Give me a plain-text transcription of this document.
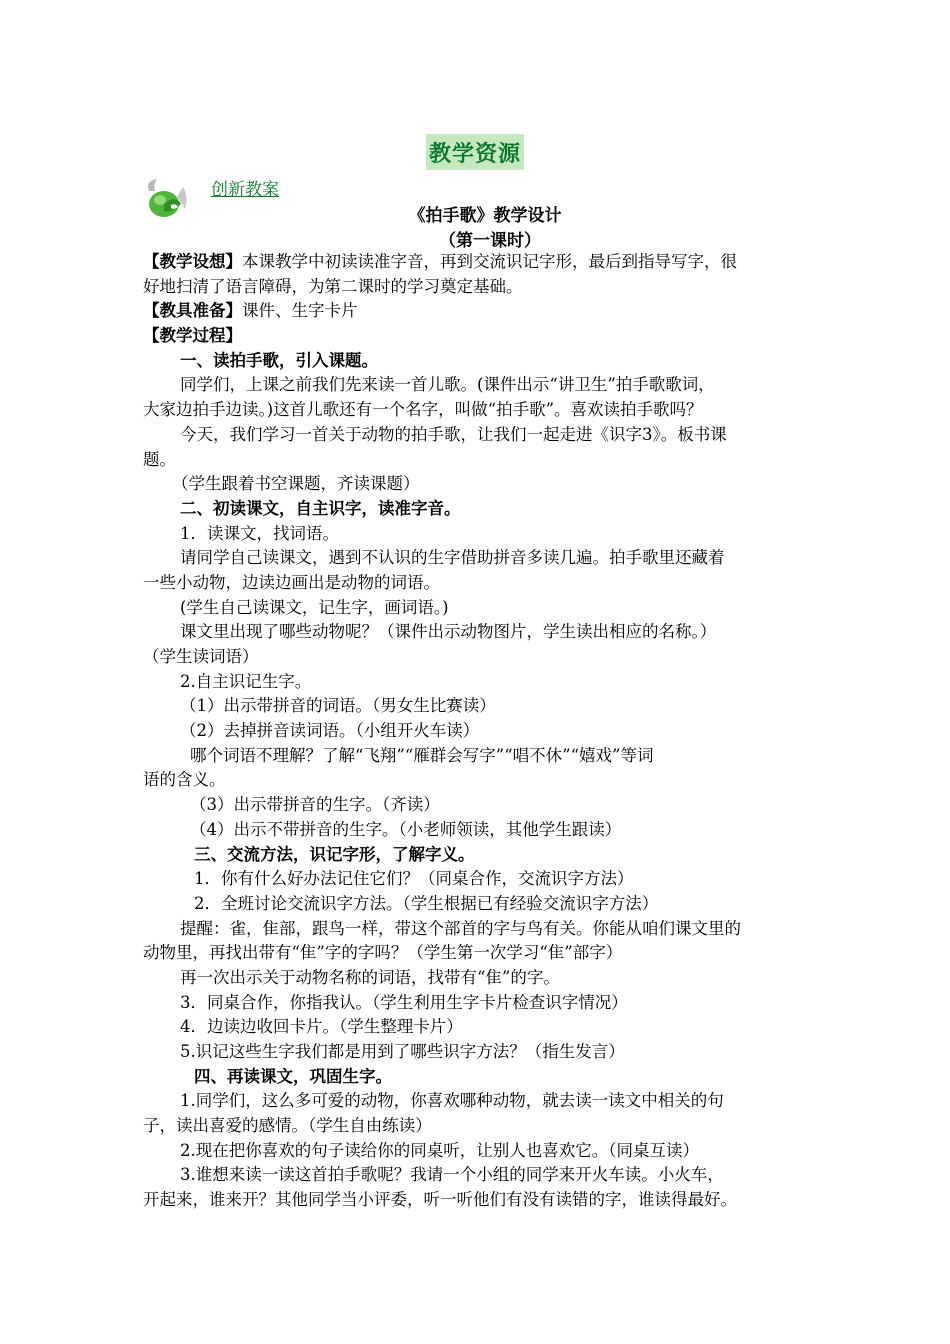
教学资源
创新教案
《拍手歌》教学设计
（第一课时）
【教学设想】本课教学中初读读准字音，再到交流识记字形，最后到指导写字，很
好地扫清了语言障碍，为第二课时的学习奠定基础。
【教具准备】课件、生字卡片
【教学过程】
一、读拍手歌，引入课题。
同学们，上课之前我们先来读一首儿歌。(课件出示“讲卫生”拍手歌歌词，
大家边拍手边读。)这首儿歌还有一个名字，叫做“拍手歌”。喜欢读拍手歌吗？
今天，我们学习一首关于动物的拍手歌，让我们一起走进《识字3》。板书课
题。
（学生跟着书空课题，齐读课题）
二、初读课文，自主识字，读准字音。
1．读课文，找词语。
请同学自己读课文，遇到不认识的生字借助拼音多读几遍。拍手歌里还藏着
一些小动物，边读边画出是动物的词语。
(学生自己读课文，记生字，画词语。)
课文里出现了哪些动物呢？（课件出示动物图片，学生读出相应的名称。）
（学生读词语）
2.自主识记生字。
（1）出示带拼音的词语。（男女生比赛读）
（2）去掉拼音读词语。（小组开火车读）
哪个词语不理解？了解“飞翔”“雁群会写字”“唱不休”“嬉戏”等词
语的含义。
（3）出示带拼音的生字。（齐读）
（4）出示不带拼音的生字。（小老师领读，其他学生跟读）
三、交流方法，识记字形，了解字义。
1．你有什么好办法记住它们？（同桌合作，交流识字方法）
2．全班讨论交流识字方法。（学生根据已有经验交流识字方法）
提醒：雀，隹部，跟鸟一样，带这个部首的字与鸟有关。你能从咱们课文里的
动物里，再找出带有“隹”字的字吗？（学生第一次学习“隹”部字）
再一次出示关于动物名称的词语，找带有“隹”的字。
3．同桌合作，你指我认。（学生利用生字卡片检查识字情况）
4．边读边收回卡片。（学生整理卡片）
5.识记这些生字我们都是用到了哪些识字方法？（指生发言）
四、再读课文，巩固生字。
1.同学们，这么多可爱的动物，你喜欢哪种动物，就去读一读文中相关的句
子，读出喜爱的感情。（学生自由练读）
2.现在把你喜欢的句子读给你的同桌听，让别人也喜欢它。（同桌互读）
3.谁想来读一读这首拍手歌呢？我请一个小组的同学来开火车读。小火车，
开起来，谁来开？其他同学当小评委，听一听他们有没有读错的字，谁读得最好。
